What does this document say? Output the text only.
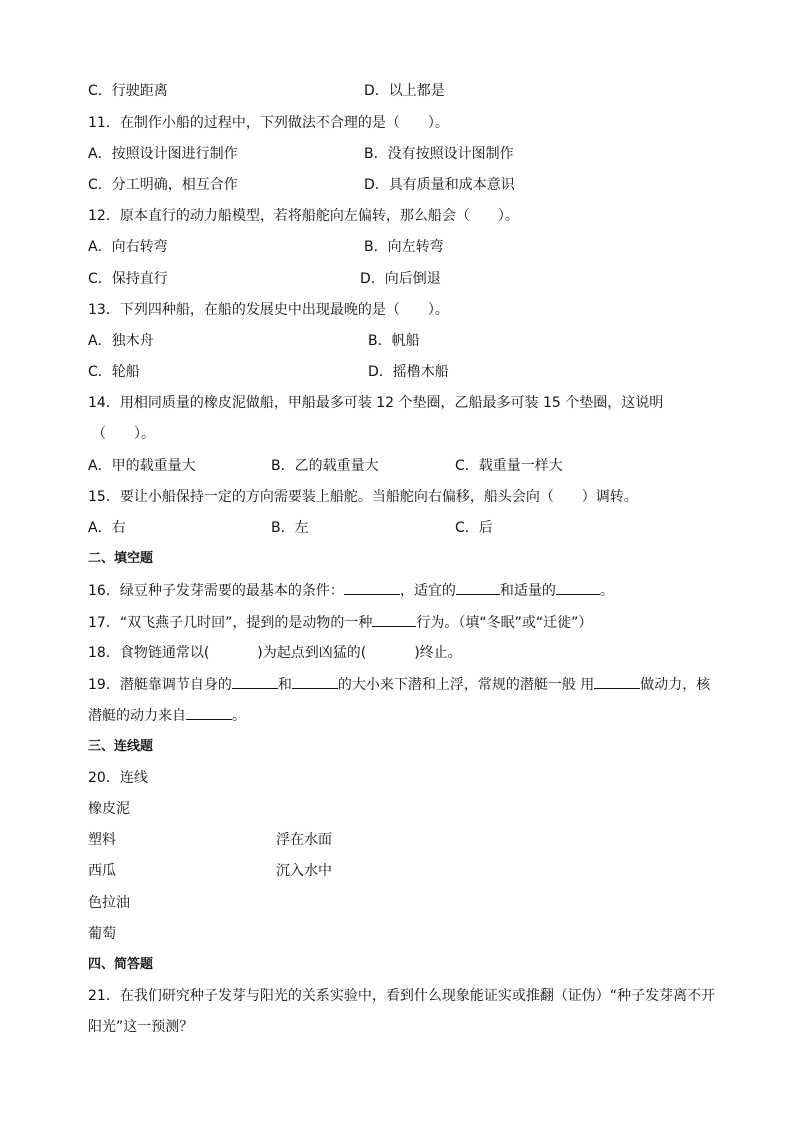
C．行驶距离	D．以上都是
11．在制作小船的过程中，下列做法不合理的是（　　）。
A．按照设计图进行制作	B．没有按照设计图制作
C．分工明确，相互合作	D．具有质量和成本意识
12．原本直行的动力船模型，若将船舵向左偏转，那么船会（　　）。
A．向右转弯	B．向左转弯
C．保持直行	D．向后倒退
13．下列四种船，在船的发展史中出现最晚的是（　　）。
A．独木舟	B．帆船
C．轮船	D．摇橹木船
14．用相同质量的橡皮泥做船，甲船最多可装 12 个垫圈，乙船最多可装 15 个垫圈，这说明
（　　）。
A．甲的载重量大	B．乙的载重量大	C．载重量一样大
15．要让小船保持一定的方向需要装上船舵。当船舵向右偏移，船头会向（　　）调转。
A．右	B．左	C．后
二、填空题
16．绿豆种子发芽需要的最基本的条件：	，适宜的	和适量的	。
17．“双飞燕子几时回”，提到的是动物的一种	行为。（填“冬眠”或“迁徙”）
18．食物链通常以(	)为起点到凶猛的(	)终止。
19．潜艇靠调节自身的	和	的大小来下潜和上浮，常规的潜艇一般 用	做动力，核
潜艇的动力来自	。
三、连线题
20．连线
橡皮泥
塑料	浮在水面
西瓜	沉入水中
色拉油
葡萄
四、简答题
21．在我们研究种子发芽与阳光的关系实验中，看到什么现象能证实或推翻（证伪）“种子发芽离不开
阳光”这一预测？
